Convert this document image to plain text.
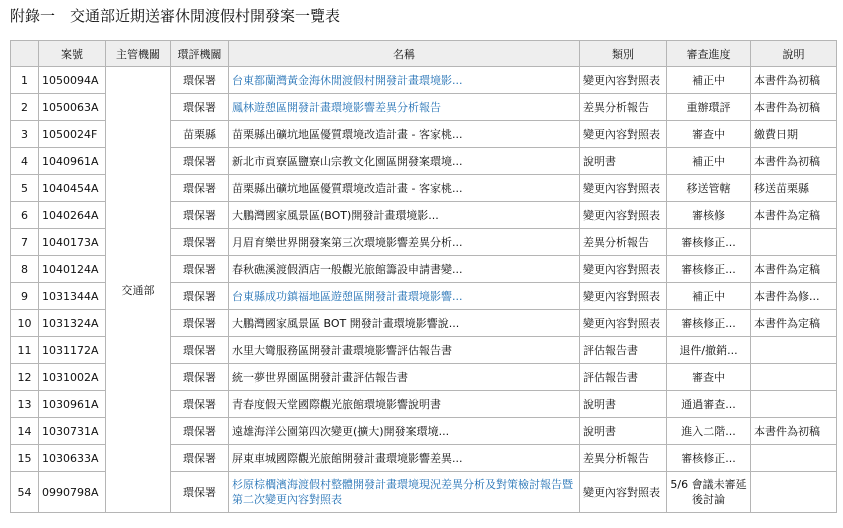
附錄一　交通部近期送審休閒渡假村開發案一覽表
	案號	主管機關	環評機關	名稱	類別	審查進度	說明
1	1050094A	交通部	環保署	台東都蘭灣黃金海休閒渡假村開發計畫環境影...	變更內容對照表	補正中	本書件為初稿
2	1050063A		環保署	鳳林遊憩區開發計畫環境影響差異分析報告	差異分析報告	重辦環評	本書件為初稿
3	1050024F		苗栗縣	苗栗縣出礦坑地區優質環境改造計畫 - 客家桃...	變更內容對照表	審查中	繳費日期
4	1040961A		環保署	新北市貢寮區鹽寮山宗教文化園區開發案環境...	說明書	補正中	本書件為初稿
5	1040454A		環保署	苗栗縣出礦坑地區優質環境改造計畫 - 客家桃...	變更內容對照表	移送管轄	移送苗栗縣
6	1040264A		環保署	大鵬灣國家風景區(BOT)開發計畫環境影...	變更內容對照表	審核修	本書件為定稿
7	1040173A		環保署	月眉育樂世界開發案第三次環境影響差異分析...	差異分析報告	審核修正...	
8	1040124A		環保署	春秋礁溪渡假酒店一般觀光旅館籌設申請書變...	變更內容對照表	審核修正...	本書件為定稿
9	1031344A		環保署	台東縣成功鎮福地區遊憩區開發計畫環境影響...	變更內容對照表	補正中	本書件為修...
10	1031324A		環保署	大鵬灣國家風景區 BOT 開發計畫環境影響說...	變更內容對照表	審核修正...	本書件為定稿
11	1031172A		環保署	水里大彎服務區開發計畫環境影響評估報告書	評估報告書	退件/撤銷...	
12	1031002A		環保署	統一夢世界園區開發計畫評估報告書	評估報告書	審查中	
13	1030961A		環保署	青春度假天堂國際觀光旅館環境影響說明書	說明書	通過審查...	
14	1030731A		環保署	遠雄海洋公園第四次變更(擴大)開發案環境...	說明書	進入二階...	本書件為初稿
15	1030633A		環保署	屏東車城國際觀光旅館開發計畫環境影響差異...	差異分析報告	審核修正...	
54	0990798A		環保署	杉原棕櫚濱海渡假村整體開發計畫環境現況差異分析及對策檢討報告暨第二次變更內容對照表	變更內容對照表	5/6 會議未審延後討論	
